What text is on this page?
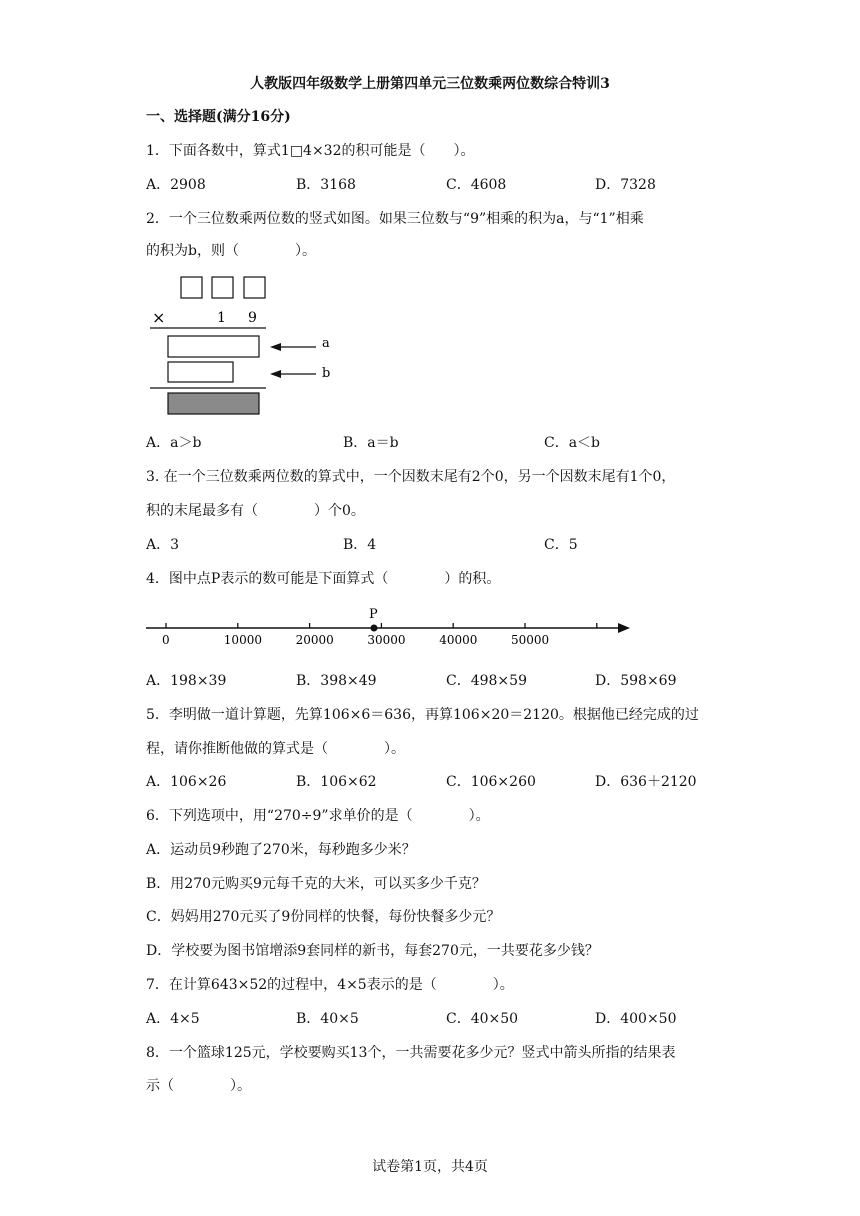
人教版四年级数学上册第四单元三位数乘两位数综合特训3
一、选择题(满分16分)
1．下面各数中，算式1□4×32的积可能是（　　）。
A．2908	B．3168	C．4608	D．7328
2．一个三位数乘两位数的竖式如图。如果三位数与“9”相乘的积为a，与“1”相乘
的积为b，则（　　　　）。
×	1 9
a
b
A．a＞b	B．a＝b	C．a＜b
3. 在一个三位数乘两位数的算式中，一个因数末尾有2个0，另一个因数末尾有1个0，
积的末尾最多有（　　　　）个0。
A．3	B．4	C．5
4．图中点P表示的数可能是下面算式（　　　　）的积。
0	10000	20000	30000	40000	50000
P
A．198×39	B．398×49	C．498×59	D．598×69
5．李明做一道计算题，先算106×6＝636，再算106×20＝2120。根据他已经完成的过
程，请你推断他做的算式是（　　　　）。
A．106×26	B．106×62	C．106×260	D．636＋2120
6．下列选项中，用“270÷9”求单价的是（　　　　）。
A．运动员9秒跑了270米，每秒跑多少米？
B．用270元购买9元每千克的大米，可以买多少千克？
C．妈妈用270元买了9份同样的快餐，每份快餐多少元？
D．学校要为图书馆增添9套同样的新书，每套270元，一共要花多少钱？
7．在计算643×52的过程中，4×5表示的是（　　　　）。
A．4×5	B．40×5	C．40×50	D．400×50
8．一个篮球125元，学校要购买13个，一共需要花多少元？竖式中箭头所指的结果表
示（　　　　）。
试卷第1页，共4页
